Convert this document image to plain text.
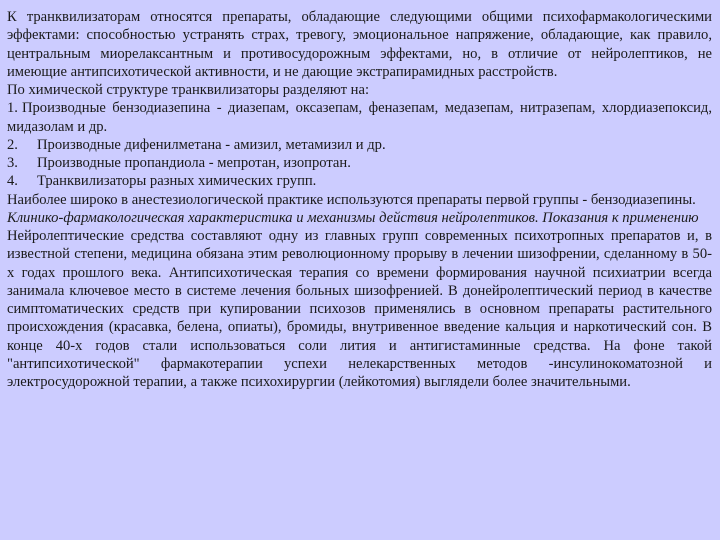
К транквилизаторам относятся препараты, обладающие следующими общими психофармакологическими эффектами: способностью устранять страх, тревогу, эмоциональное напряжение, обладающие, как правило, центральным миорелаксантным и противосудорожным эффектами, но, в отличие от нейролептиков, не имеющие антипсихотической активности, и не дающие экстрапирамидных расстройств.

По химической структуре транквилизаторы разделяют на:

1. Производные бензодиазепина - диазепам, оксазепам, феназепам, медазепам, нитразепам, хлордиазепоксид, мидазолам и др.

2. Производные дифенилметана - амизил, метамизил и др.

3. Производные пропандиола - мепротан, изопротан.

4. Транквилизаторы разных химических групп.

Наиболее широко в анестезиологической практике используются препараты первой группы - бензодиазепины.

Клинико-фармакологическая характеристика и механизмы действия нейролептиков. Показания к применению

Нейролептические средства составляют одну из главных групп современных психотропных препаратов и, в известной степени, медицина обязана этим революционному прорыву в лечении шизофрении, сделанному в 50-х годах прошлого века. Антипсихотическая терапия со времени формирования научной психиатрии всегда занимала ключевое место в системе лечения больных шизофренией. В донейролептический период в качестве симптоматических средств при купировании психозов применялись в основном препараты растительного происхождения (красавка, белена, опиаты), бромиды, внутривенное введение кальция и наркотический сон. В конце 40-х годов стали использоваться соли лития и антигистаминные средства. На фоне такой "антипсихотической" фармакотерапии успехи нелекарственных методов -инсулинокоматозной и электросудорожной терапии, а также психохирургии (лейкотомия) выглядели более значительными.
